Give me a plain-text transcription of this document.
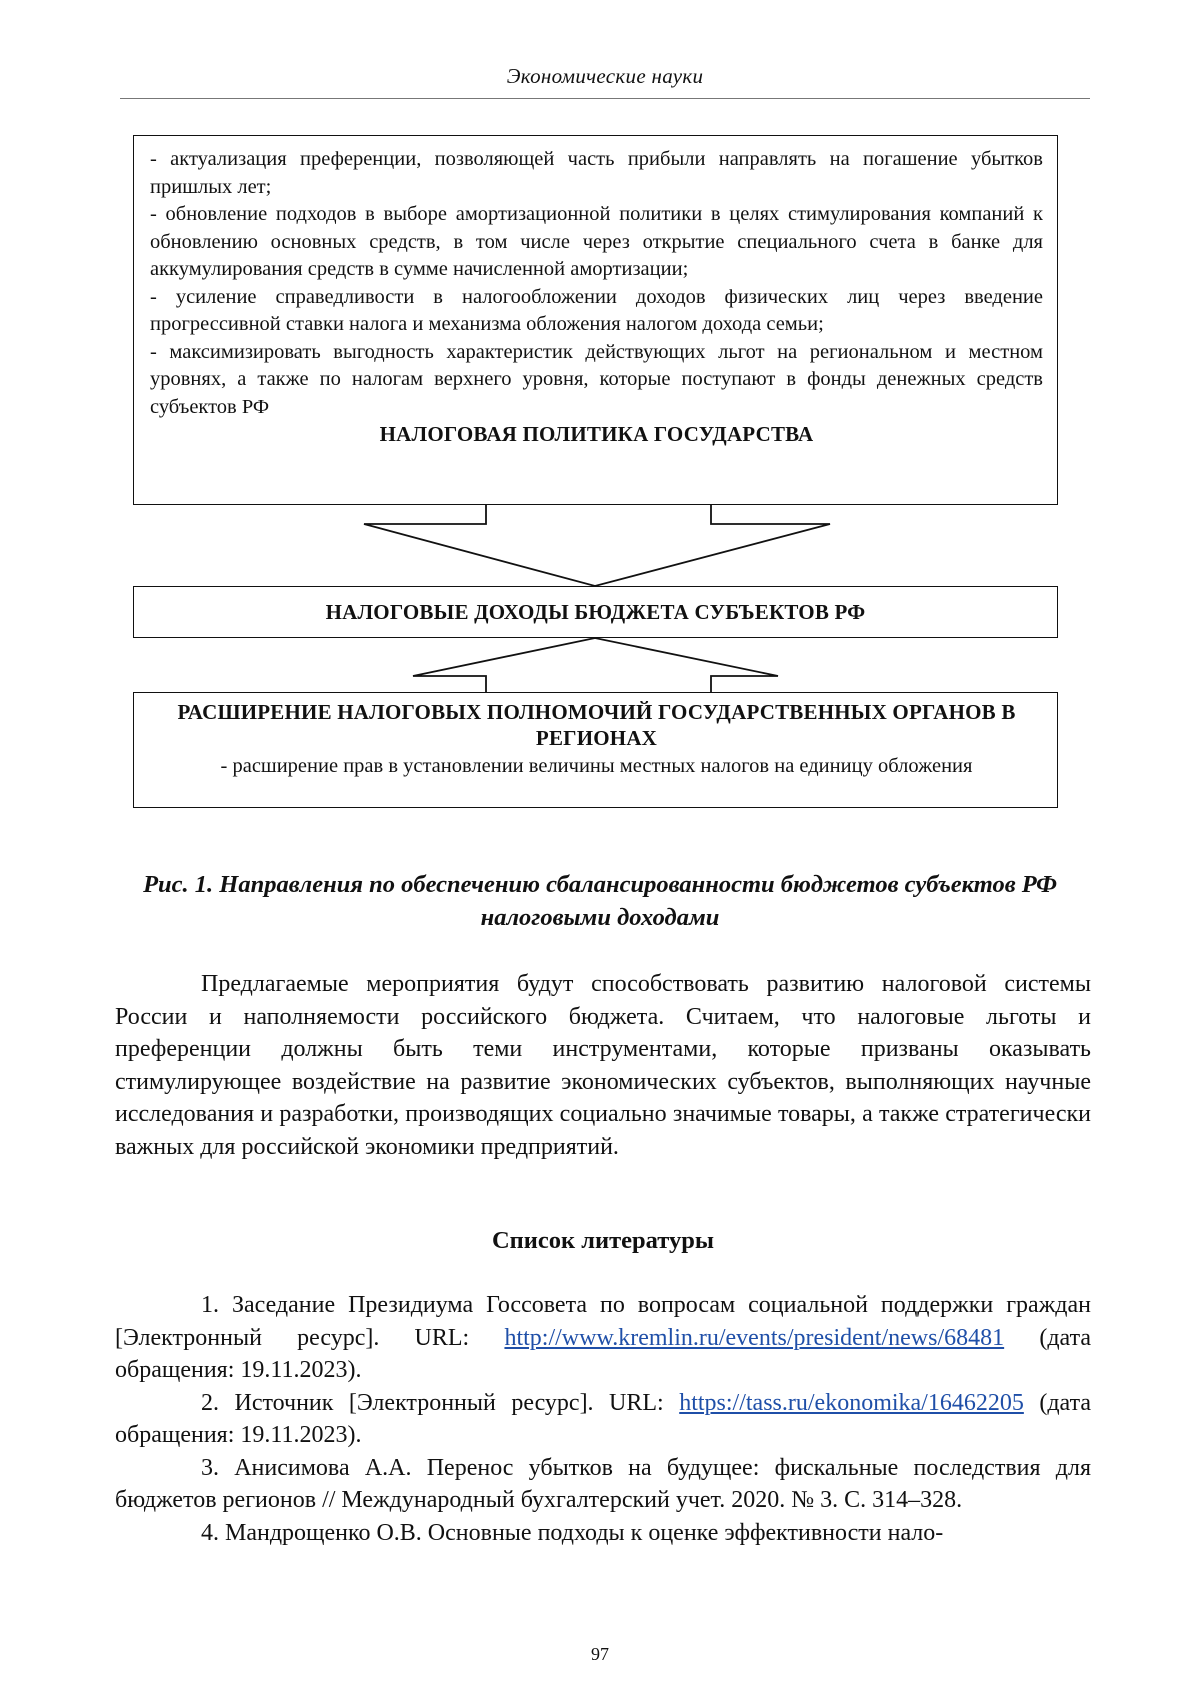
Экономические науки
- актуализация преференции, позволяющей часть прибыли направлять на погашение убытков пришлых лет;
- обновление подходов в выборе амортизационной политики в целях стимулирования компаний к обновлению основных средств, в том числе через открытие специального счета в банке для аккумулирования средств в сумме начисленной амортизации;
- усиление справедливости в налогообложении доходов физических лиц через введение прогрессивной ставки налога и механизма обложения налогом дохода семьи;
- максимизировать выгодность характеристик действующих льгот на региональном и местном уровнях, а также по налогам верхнего уровня, которые поступают в фонды денежных средств субъектов РФ
НАЛОГОВАЯ ПОЛИТИКА ГОСУДАРСТВА
НАЛОГОВЫЕ ДОХОДЫ БЮДЖЕТА СУБЪЕКТОВ РФ
РАСШИРЕНИЕ НАЛОГОВЫХ ПОЛНОМОЧИЙ ГОСУДАРСТВЕННЫХ ОРГАНОВ В РЕГИОНАХ
- расширение прав в установлении величины местных налогов на единицу обложения
Рис. 1. Направления по обеспечению сбалансированности бюджетов субъектов РФ налоговыми доходами
Предлагаемые мероприятия будут способствовать развитию налоговой системы России и наполняемости российского бюджета. Считаем, что налоговые льготы и преференции должны быть теми инструментами, которые призваны оказывать стимулирующее воздействие на развитие экономических субъектов, выполняющих научные исследования и разработки, производящих социально значимые товары, а также стратегически важных для российской экономики предприятий.
Список литературы
1. Заседание Президиума Госсовета по вопросам социальной поддержки граждан [Электронный ресурс]. URL: http://www.kremlin.ru/events/president/news/68481 (дата обращения: 19.11.2023).
2. Источник [Электронный ресурс]. URL: https://tass.ru/ekonomika/16462205 (дата обращения: 19.11.2023).
3. Анисимова А.А. Перенос убытков на будущее: фискальные последствия для бюджетов регионов // Международный бухгалтерский учет. 2020. № 3. С. 314–328.
4. Мандрощенко О.В. Основные подходы к оценке эффективности нало-
97
